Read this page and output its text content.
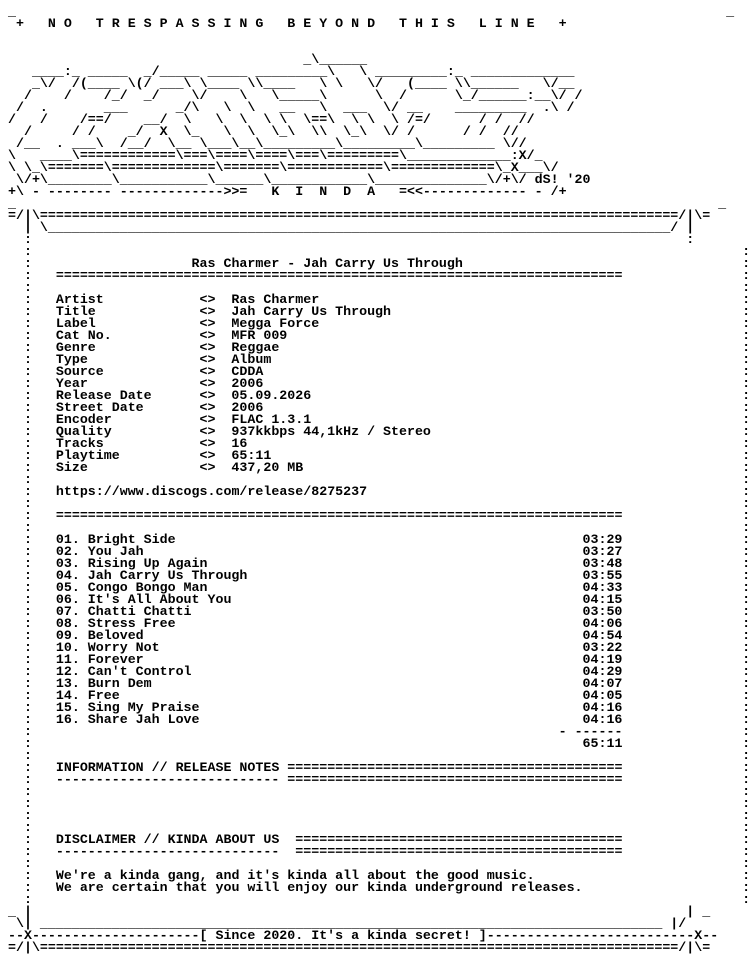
_                                                                                         _
+   N O   T R E S P A S S I N G   B E Y O N D   T H I S   L I N E   +

_\______
____:_ _____  _/_____ _____ _________\   \ _________:_ _____________
_\/  /(____ \(/ ___\ \____ \\____   \ \   \/   (____ \\______   \/__
/    /    /_/  _/    \/    \   \_____\      \  /      \_/______:__\/ /
/  .       ___      _/\   \  \   __   \  ___  \/ __    _________  .\ /
/   /    /==/    __/  \   \  \  \ \  \==\  \ \  \ /=/      / /  //
/     / /    _/  X  \_   \  \  \_\  \\  \_\  \/ /      / /  //
/__  . ___\  /__/  \__ \___\__\_________\_________\_________ \//
\   ____\============\===\====\====\===\=========\_____________:X/_
\ \_\=======\=============\=======\============\=============\_X___\/
\/+\________\___________\______\____________\______________\/+\/ dS! '20
+\ - -------- ------------->>=   K  I  N  D  A   =<<------------- - /+
_                                                                                        _
=/|\================================================================================/|\=
| \______________________________________________________________________________/ |
:                                                                                  :
:                                                                                         :
:	Ras Charmer - Jah Carry Us Through                                   :
:   =======================================================================               :
:                                                                                         :
:   Artist	<> Ras Charmer                                                     :
:   Title	<> Jah Carry Us Through                                            :
:   Label	<> Megga Force                                                     :
:   Cat No.	<> MFR 009                                                         :
:   Genre	<> Reggae                                                          :
:   Type	<> Album                                                           :
:   Source	<> CDDA                                                            :
:   Year	<> 2006                                                            :
:   Release Date	<> 05.09.2026                                                      :
:   Street Date	<> 2006                                                            :
:   Encoder	<> FLAC 1.3.1                                                      :
:   Quality	<> 937kkbps 44,1kHz / Stereo                                       :
:   Tracks	<> 16                                                              :
:   Playtime	<> 65:11                                                           :
:   Size	<> 437,20 MB                                                       :
:                                                                                         :
:   https://www.discogs.com/release/8275237                                               :
:                                                                                         :
:   =======================================================================               :
:                                                                                         :
:   01. Bright Side	03:29               :
:   02. You Jah	03:27               :
:   03. Rising Up Again	03:48               :
:   04. Jah Carry Us Through	03:55               :
:   05. Congo Bongo Man	04:33               :
:   06. It's All About You	04:15               :
:   07. Chatti Chatti	03:50               :
:   08. Stress Free	04:06               :
:   09. Beloved	04:54               :
:   10. Worry Not	03:22               :
:   11. Forever	04:19               :
:   12. Can't Control	04:29               :
:   13. Burn Dem	04:07               :
:   14. Free	04:05               :
:   15. Sing My Praise	04:16               :
:   16. Share Jah Love	04:16               :
:	- ------               :
:	65:11               :
:                                                                                         :
:   INFORMATION // RELEASE NOTES ==========================================               :
:   ---------------------------- ==========================================               :
:                                                                                         :
:                                                                                         :
:                                                                                         :
:                                                                                         :
:   DISCLAIMER // KINDA ABOUT US  =========================================               :
:   ----------------------------  =========================================               :
:                                                                                         :
:   We're a kinda gang, and it's kinda all about the good music.                          :
:   We are certain that you will enjoy our kinda underground releases.                    :
:                                                                                         :
_ |                                                                                  | _
\| ______________________________________________________________________________ |/
--X---------------------[ Since 2020. It's a kinda secret! ]--------------------------X--
=/|\================================================================================/|\=
